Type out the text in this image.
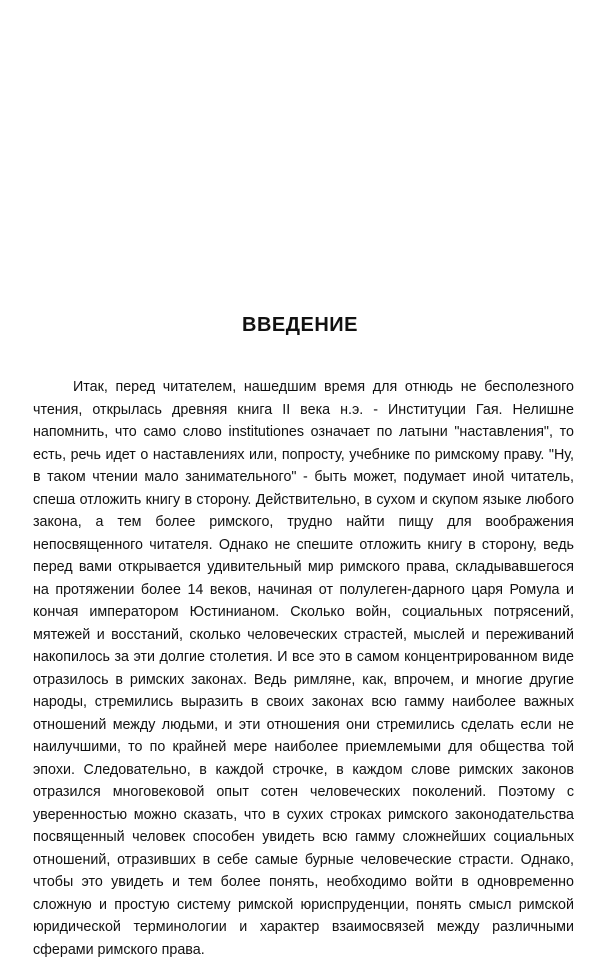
ВВЕДЕНИЕ

Итак, перед читателем, нашедшим время для отнюдь не бесполезного чтения, открылась древняя книга II века н.э. - Институции Гая. Нелишне напомнить, что само слово institutiones означает по латыни "наставления", то есть, речь идет о наставлениях или, попросту, учебнике по римскому праву. "Ну, в таком чтении мало занимательного" - быть может, подумает иной читатель, спеша отложить книгу в сторону. Действительно, в сухом и скупом языке любого закона, а тем более римского, трудно найти пищу для воображения непосвященного читателя. Однако не спешите отложить книгу в сторону, ведь перед вами открывается удивительный мир римского права, складывавшегося на протяжении более 14 веков, начиная от полулеген-дарного царя Ромула и кончая императором Юстинианом. Сколько войн, социальных потрясений, мятежей и восстаний, сколько человеческих страстей, мыслей и переживаний накопилось за эти долгие столетия. И все это в самом концентрированном виде отразилось в римских законах. Ведь римляне, как, впрочем, и многие другие народы, стремились выразить в своих законах всю гамму наиболее важных отношений между людьми, и эти отношения они стремились сделать если не наилучшими, то по крайней мере наиболее приемлемыми для общества той эпохи. Следовательно, в каждой строчке, в каждом слове римских законов отразился многовековой опыт сотен человеческих поколений. Поэтому с уверенностью можно сказать, что в сухих строках римского законодательства посвященный человек способен увидеть всю гамму сложнейших социальных отношений, отразивших в себе самые бурные человеческие страсти. Однако, чтобы это увидеть и тем более понять, необходимо войти в одновременно сложную и простую систему римской юриспруденции, понять смысл римской юридической терминологии и характер взаимосвязей между различными сферами римского права.
